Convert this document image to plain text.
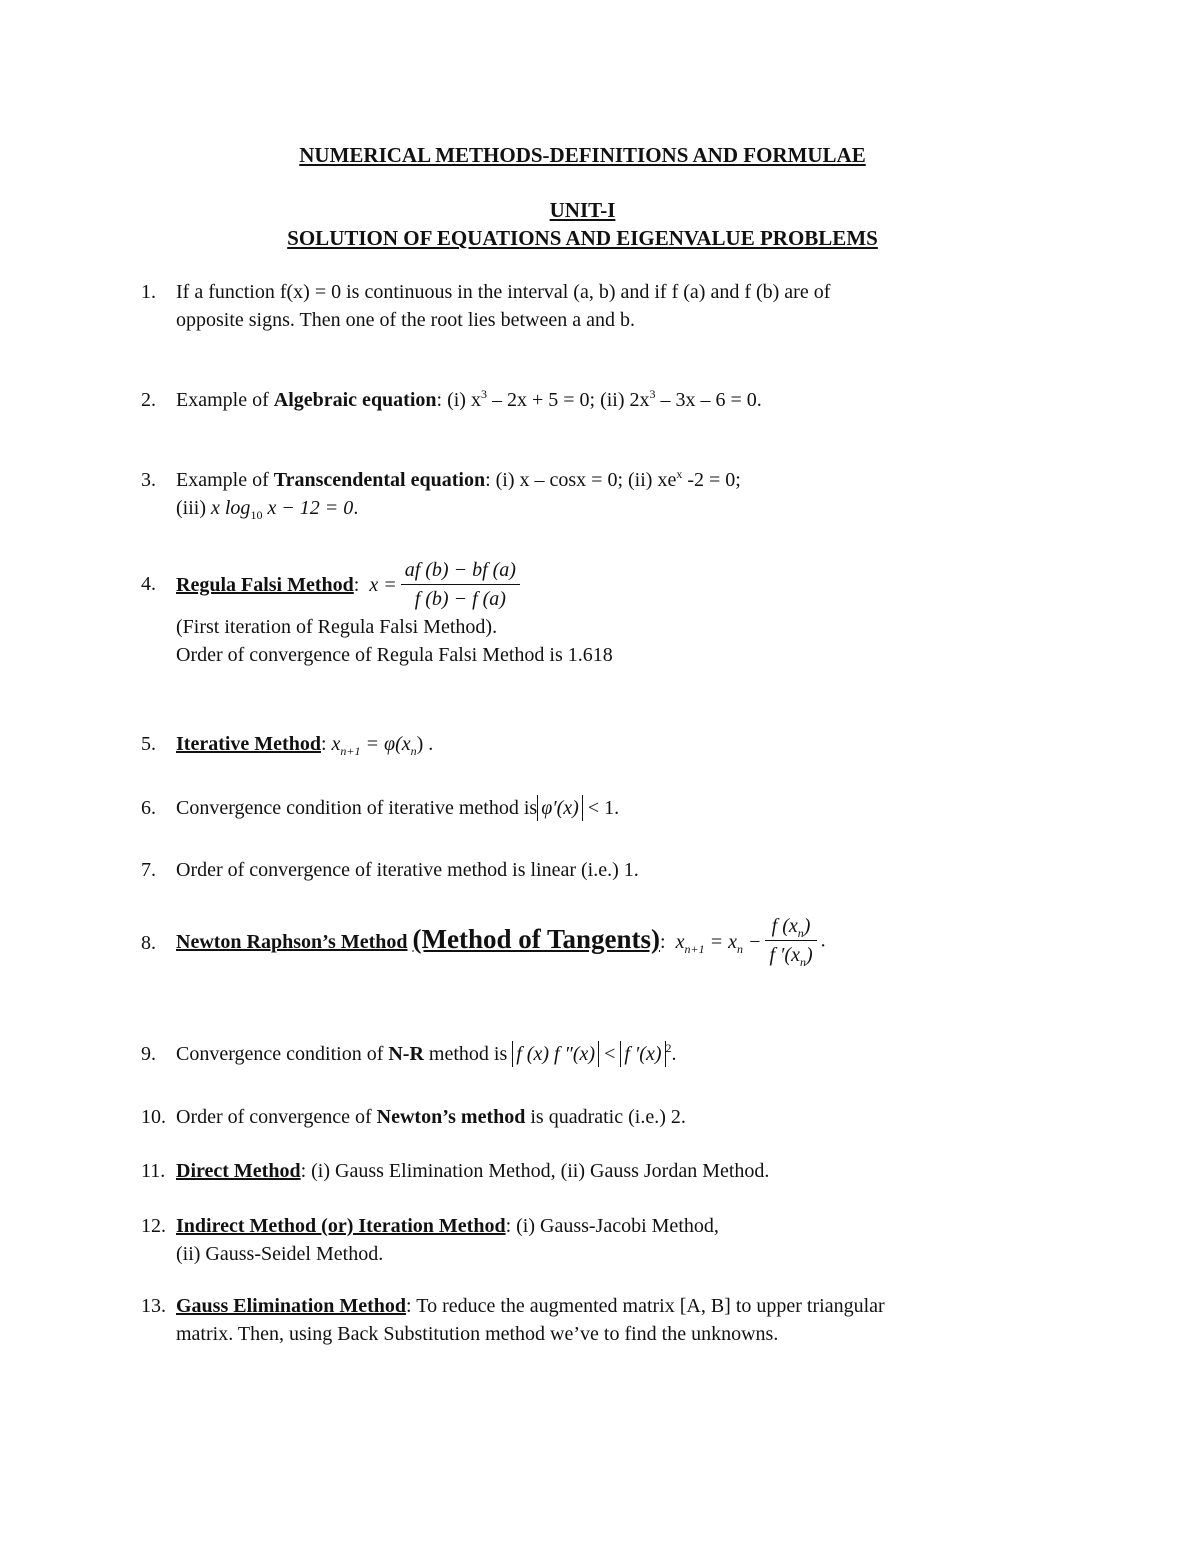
NUMERICAL METHODS-DEFINITIONS AND FORMULAE
UNIT-I
SOLUTION OF EQUATIONS AND EIGENVALUE PROBLEMS
1. If a function f(x) = 0 is continuous in the interval (a, b) and if f (a) and f (b) are of
opposite signs. Then one of the root lies between a and b.
2. Example of Algebraic equation: (i) $x^3 - 2x + 5 = 0$; (ii) $2x^3 - 3x - 6 = 0$.
3. Example of Transcendental equation: (i) x – cosx = 0; (ii) $xe^x$ -2 = 0;
(iii) x $\log_{10} x - 12 = 0$.
4. Regula Falsi Method: $x = \frac{af (b) - bf (a)}{f (b) - f (a)}$

(First iteration of Regula Falsi Method).
Order of convergence of Regula Falsi Method is 1.618
5. Iterative Method: $x_{n+1} = \varphi(x_n)$ .
6. Convergence condition of iterative method is φ′(x) < 1.
7. Order of convergence of iterative method is linear (i.e.) 1.
8. Newton Raphson’s Method (Method of Tangents): $x_{n+1} = x_n - \frac{f (x_n)}{f '(x_n)}$ .
9. Convergence condition of N-R method is f (x) f ″(x) < f ′(x) $^2$.
10. Order of convergence of Newton’s method is quadratic (i.e.) 2.
11. Direct Method: (i) Gauss Elimination Method, (ii) Gauss Jordan Method.
12. Indirect Method (or) Iteration Method: (i) Gauss-Jacobi Method,
(ii) Gauss-Seidel Method.
13. Gauss Elimination Method: To reduce the augmented matrix [A, B] to upper triangular
matrix. Then, using Back Substitution method we’ve to find the unknowns.
